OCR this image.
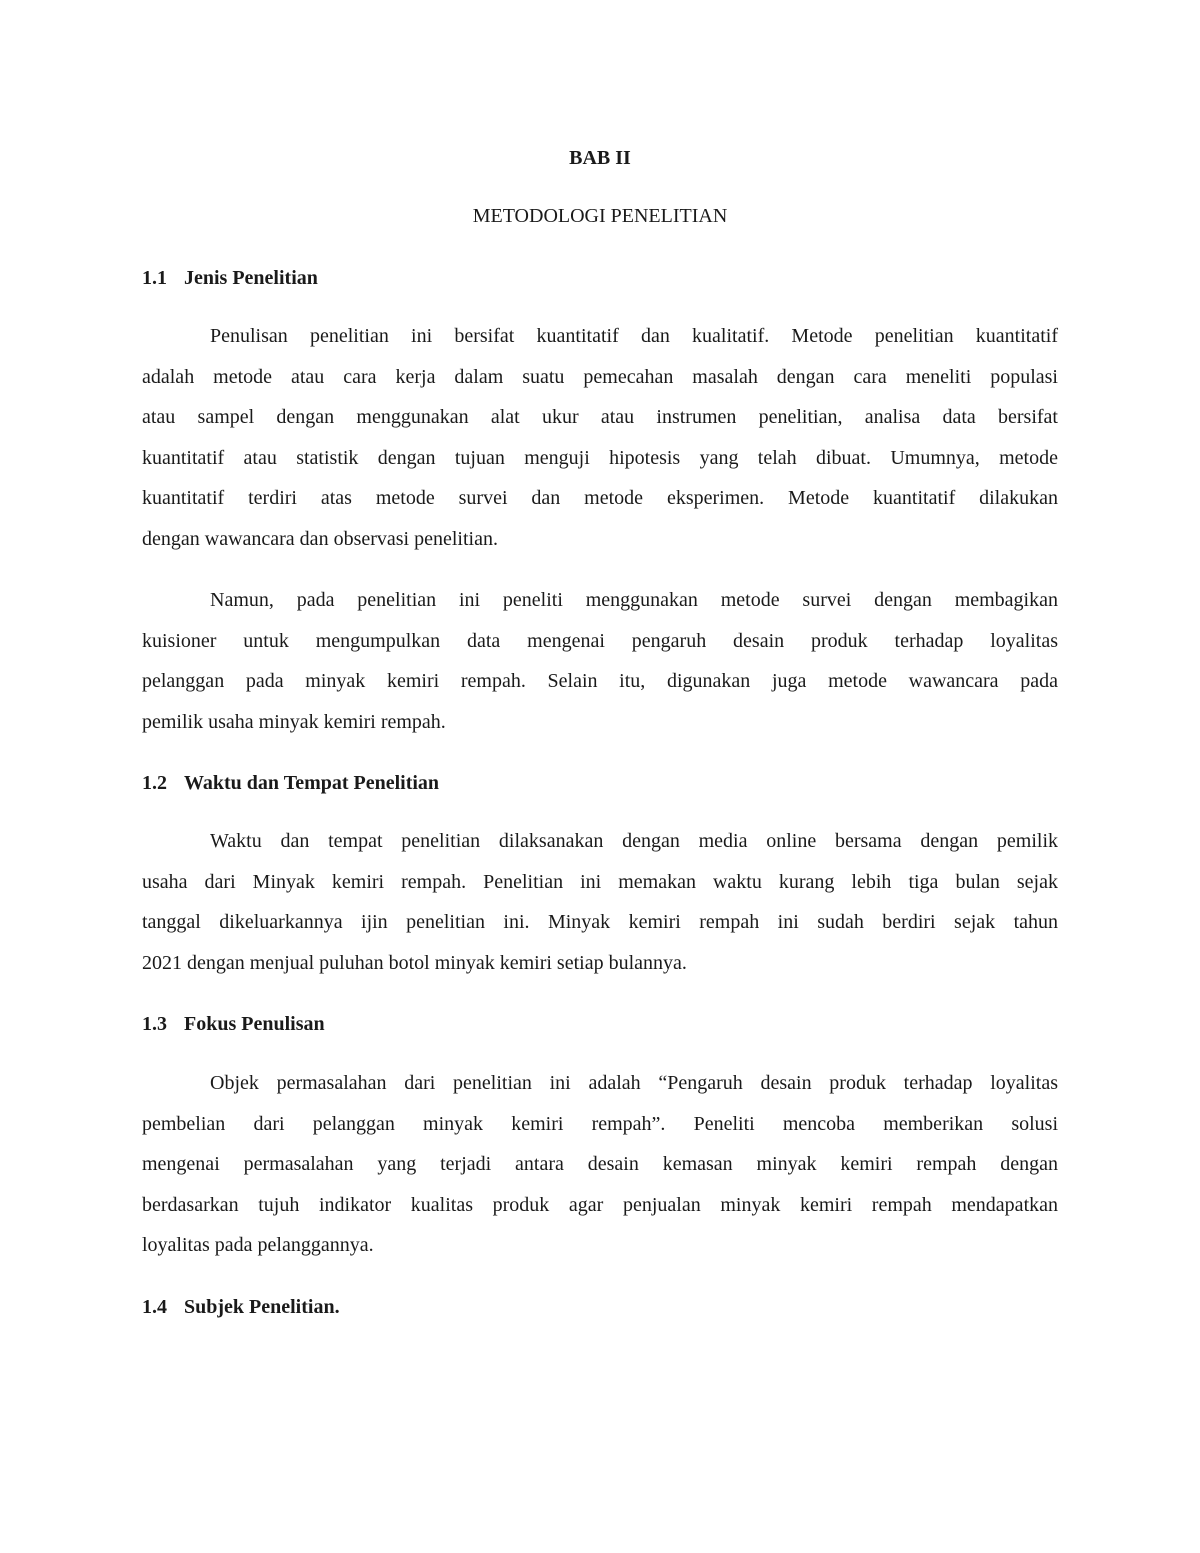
BAB II
METODOLOGI PENELITIAN
1.1 Jenis Penelitian
Penulisan penelitian ini bersifat kuantitatif dan kualitatif. Metode penelitian kuantitatif
adalah metode atau cara kerja dalam suatu pemecahan masalah dengan cara meneliti populasi
atau sampel dengan menggunakan alat ukur atau instrumen penelitian, analisa data bersifat
kuantitatif atau statistik dengan tujuan menguji hipotesis yang telah dibuat. Umumnya, metode
kuantitatif terdiri atas metode survei dan metode eksperimen. Metode kuantitatif dilakukan
dengan wawancara dan observasi penelitian.
Namun, pada penelitian ini peneliti menggunakan metode survei dengan membagikan
kuisioner untuk mengumpulkan data mengenai pengaruh desain produk terhadap loyalitas
pelanggan pada minyak kemiri rempah. Selain itu, digunakan juga metode wawancara pada
pemilik usaha minyak kemiri rempah.
1.2 Waktu dan Tempat Penelitian
Waktu dan tempat penelitian dilaksanakan dengan media online bersama dengan pemilik
usaha dari Minyak kemiri rempah. Penelitian ini memakan waktu kurang lebih tiga bulan sejak
tanggal dikeluarkannya ijin penelitian ini. Minyak kemiri rempah ini sudah berdiri sejak tahun
2021 dengan menjual puluhan botol minyak kemiri setiap bulannya.
1.3 Fokus Penulisan
Objek permasalahan dari penelitian ini adalah “Pengaruh desain produk terhadap loyalitas
pembelian dari pelanggan minyak kemiri rempah”. Peneliti mencoba memberikan solusi
mengenai permasalahan yang terjadi antara desain kemasan minyak kemiri rempah dengan
berdasarkan tujuh indikator kualitas produk agar penjualan minyak kemiri rempah mendapatkan
loyalitas pada pelanggannya.
1.4 Subjek Penelitian.
